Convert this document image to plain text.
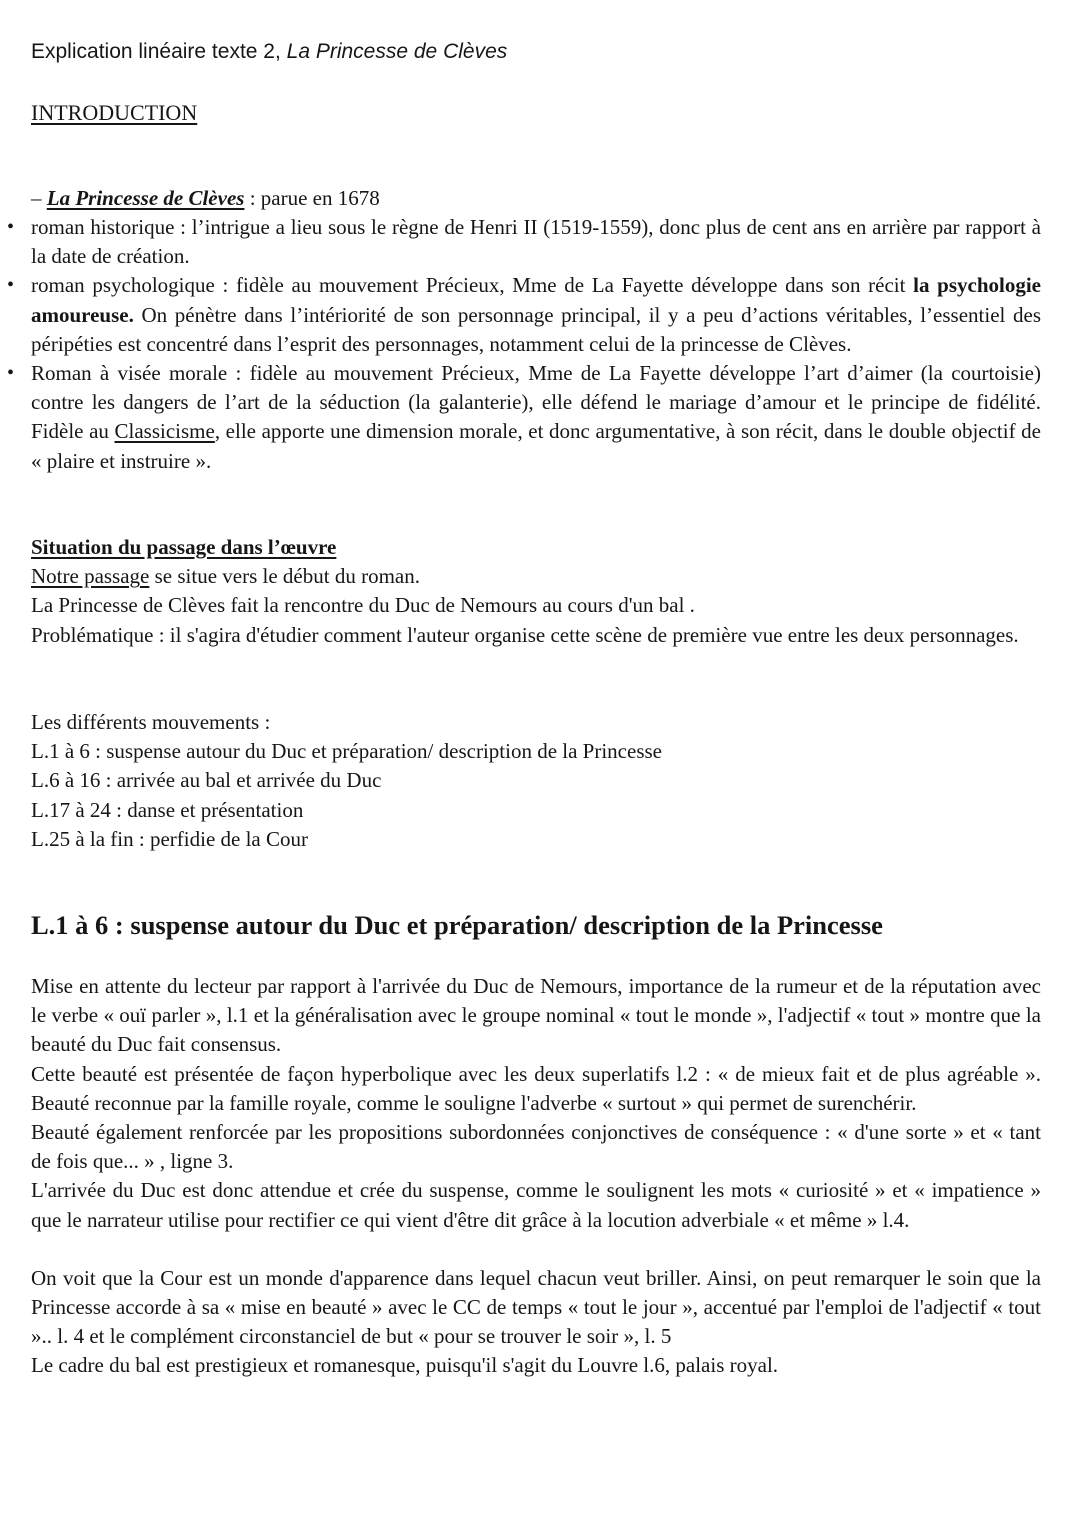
Explication linéaire texte 2, La Princesse de Clèves
INTRODUCTION
– La Princesse de Clèves : parue en 1678
• roman historique : l’intrigue a lieu sous le règne de Henri II (1519-1559), donc plus de cent ans en arrière par rapport à la date de création.
• roman psychologique : fidèle au mouvement Précieux, Mme de La Fayette développe dans son récit la psychologie amoureuse. On pénètre dans l’intériorité de son personnage principal, il y a peu d’actions véritables, l’essentiel des péripéties est concentré dans l’esprit des personnages, notamment celui de la princesse de Clèves.
• Roman à visée morale : fidèle au mouvement Précieux, Mme de La Fayette développe l’art d’aimer (la courtoisie) contre les dangers de l’art de la séduction (la galanterie), elle défend le mariage d’amour et le principe de fidélité. Fidèle au Classicisme, elle apporte une dimension morale, et donc argumentative, à son récit, dans le double objectif de « plaire et instruire ».
Situation du passage dans l’œuvre
Notre passage se situe vers le début du roman.
La Princesse de Clèves fait la rencontre du Duc de Nemours au cours d'un bal .

Problématique : il s'agira d'étudier comment l'auteur organise cette scène de première vue entre les deux personnages.

Les différents mouvements :
L.1 à 6 : suspense autour du Duc et préparation/ description de la Princesse
L.6 à 16 : arrivée au bal et arrivée du Duc
L.17 à 24 : danse et présentation
L.25 à la fin : perfidie de la Cour
L.1 à 6 : suspense autour du Duc et préparation/ description de la Princesse

Mise en attente du lecteur par rapport à l'arrivée du Duc de Nemours, importance de la rumeur et de la réputation avec le verbe « ouï parler », l.1 et la généralisation avec le groupe nominal « tout le monde », l'adjectif « tout » montre que la beauté du Duc fait consensus.

Cette beauté est présentée de façon hyperbolique avec les deux superlatifs l.2 : « de mieux fait et de plus agréable ». Beauté reconnue par la famille royale, comme le souligne l'adverbe « surtout » qui permet de surenchérir.

Beauté également renforcée par les propositions subordonnées conjonctives de conséquence : « d'une sorte » et « tant de fois que... » , ligne 3.

L'arrivée du Duc est donc attendue et crée du suspense, comme le soulignent les mots « curiosité » et « impatience » que le narrateur utilise pour rectifier ce qui vient d'être dit grâce à la locution adverbiale « et même » l.4.

On voit que la Cour est un monde d'apparence dans lequel chacun veut briller. Ainsi, on peut remarquer le soin que la Princesse accorde à sa « mise en beauté » avec le CC de temps « tout le jour », accentué par l'emploi de l'adjectif « tout ».. l. 4 et le complément circonstanciel de but « pour se trouver le soir », l. 5

Le cadre du bal est prestigieux et romanesque, puisqu'il s'agit du Louvre l.6, palais royal.
